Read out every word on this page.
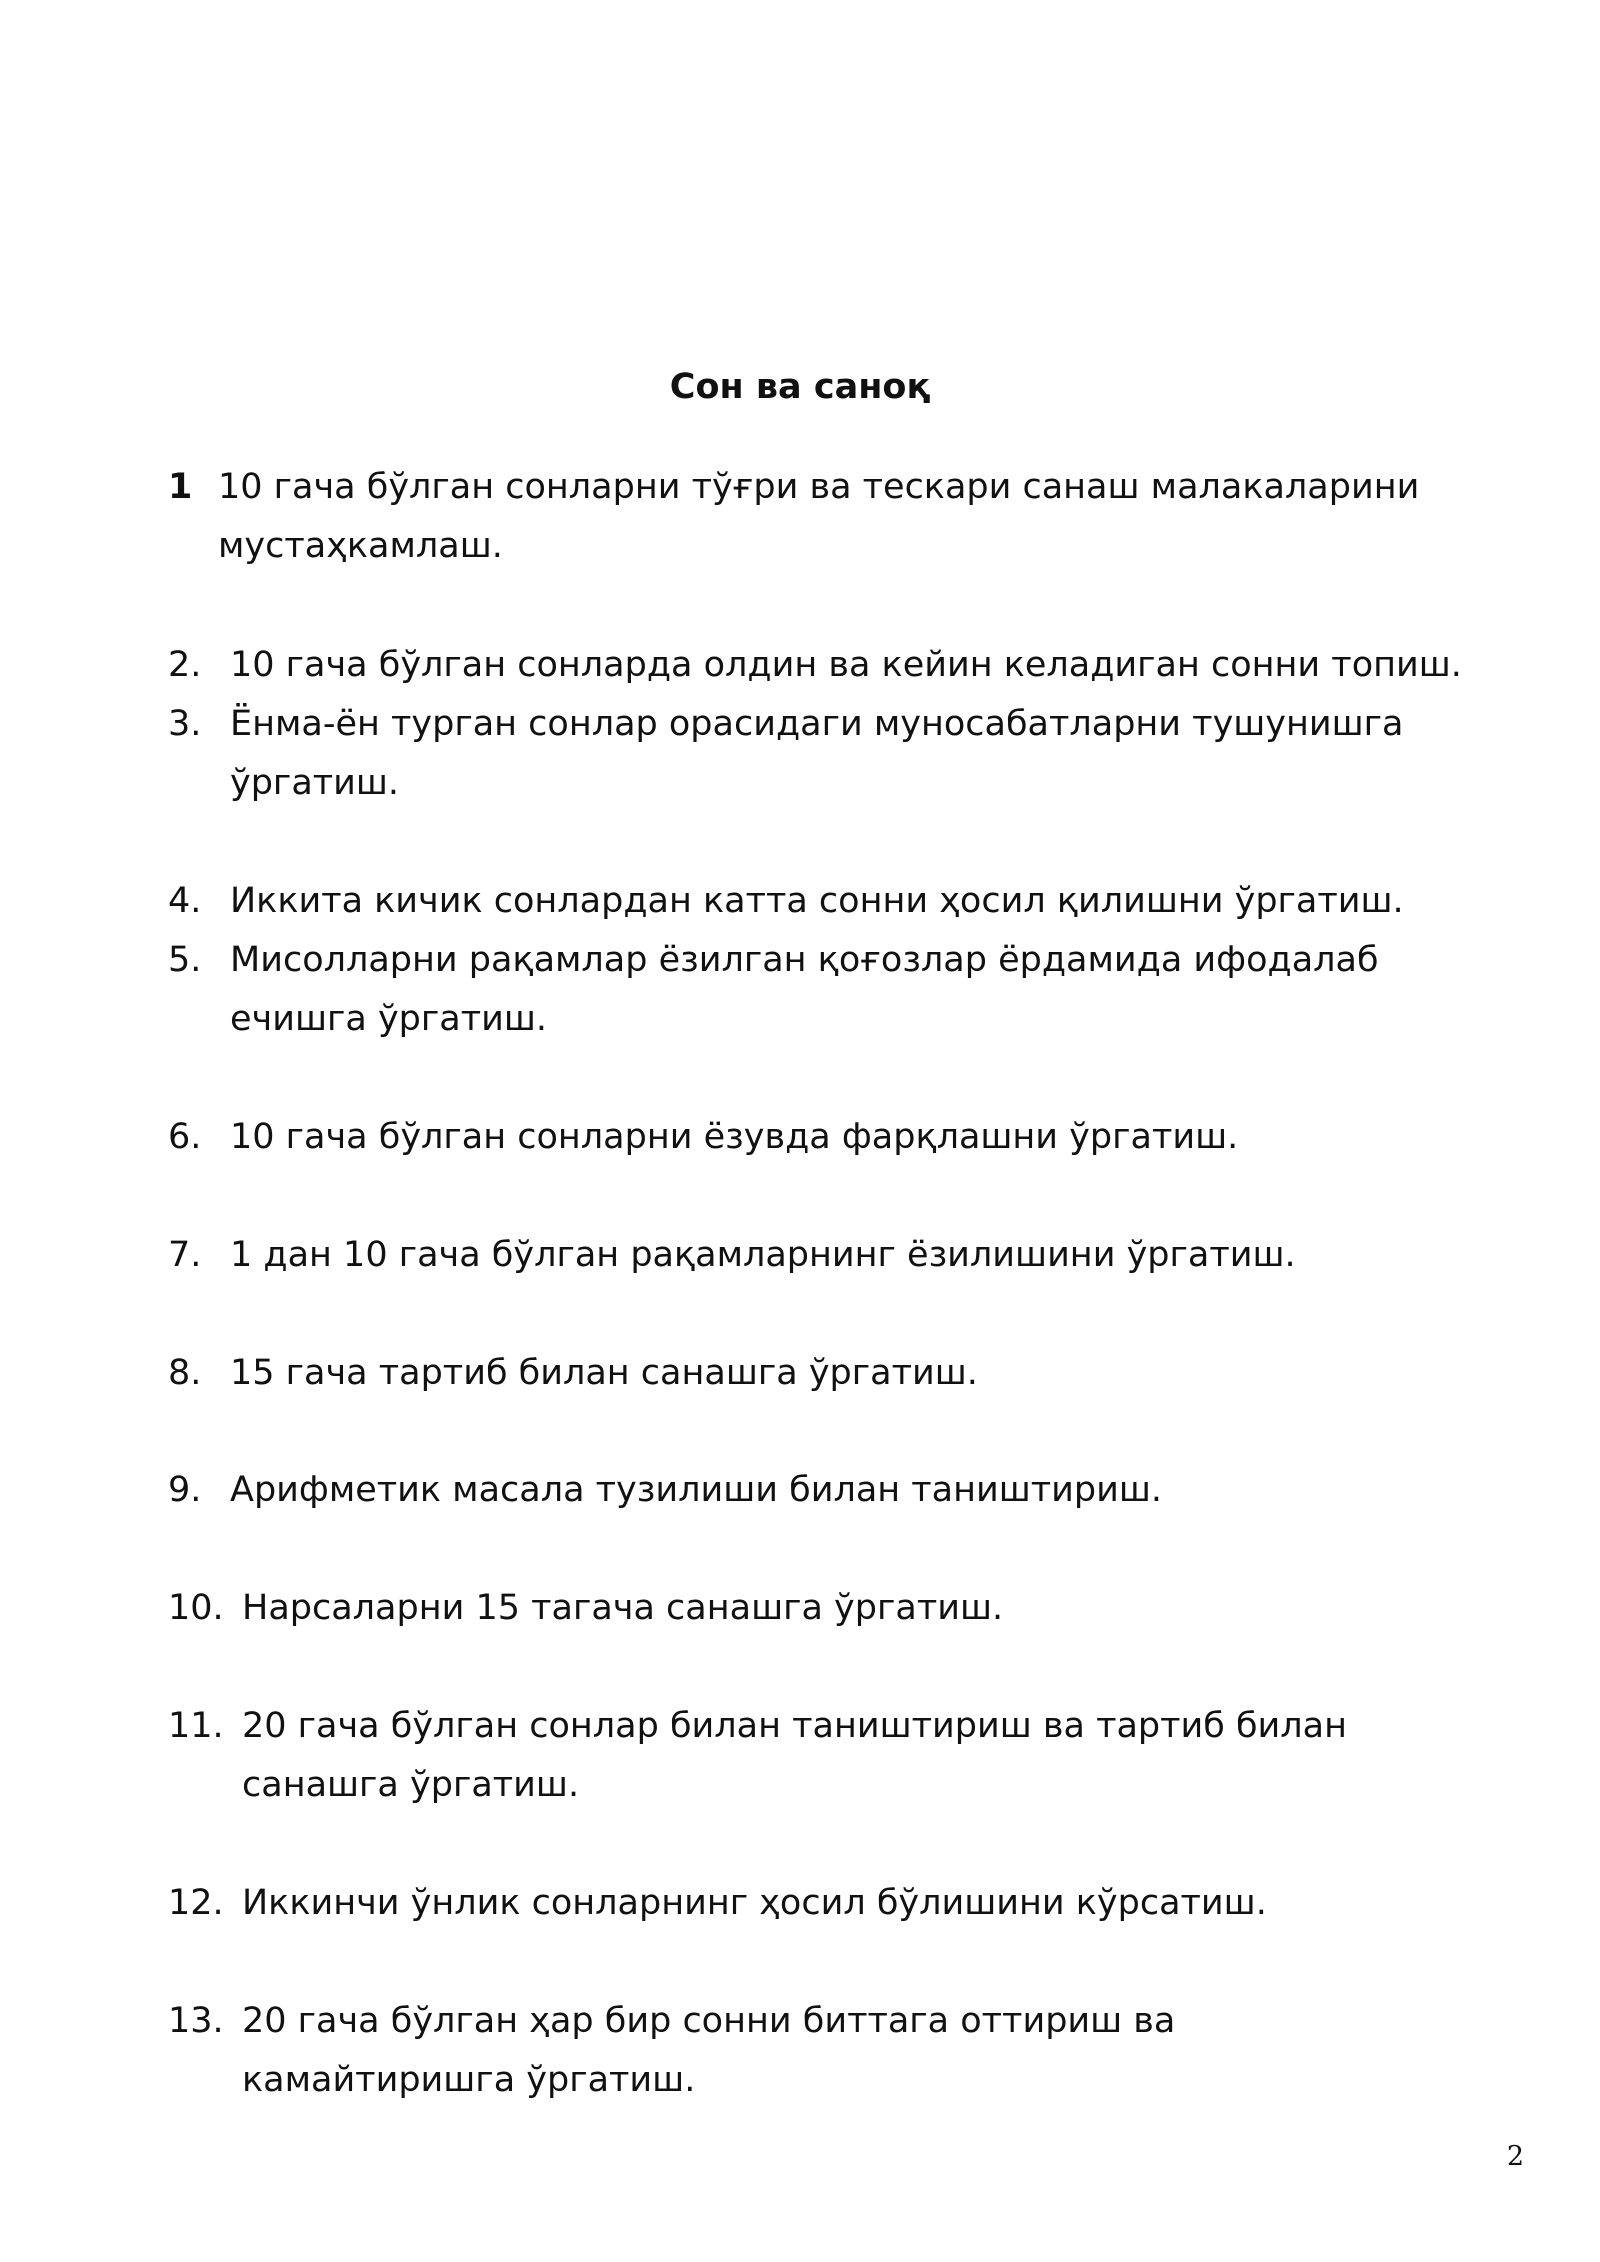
Сон ва саноқ
1 10 гача бўлган сонларни тўғри ва тескари санаш малакаларини мустаҳкамлаш.
2. 10 гача бўлган сонларда олдин ва кейин келадиган сонни топиш.
3. Ёнма-ён турган сонлар орасидаги муносабатларни тушунишга ўргатиш.
4. Иккита кичик сонлардан катта сонни ҳосил қилишни ўргатиш.
5. Мисолларни рақамлар ёзилган қоғозлар ёрдамида ифодалаб ечишга ўргатиш.
6. 10 гача бўлган сонларни ёзувда фарқлашни ўргатиш.
7. 1 дан 10 гача бўлган рақамларнинг ёзилишини ўргатиш.
8. 15 гача тартиб билан санашга ўргатиш.
9. Арифметик масала тузилиши билан таништириш.
10. Нарсаларни 15 тагача санашга ўргатиш.
11. 20 гача бўлган сонлар билан таништириш ва тартиб билан санашга ўргатиш.
12. Иккинчи ўнлик сонларнинг ҳосил бўлишини кўрсатиш.
13. 20 гача бўлган ҳар бир сонни биттага оттириш ва камайтиришга ўргатиш.
2
